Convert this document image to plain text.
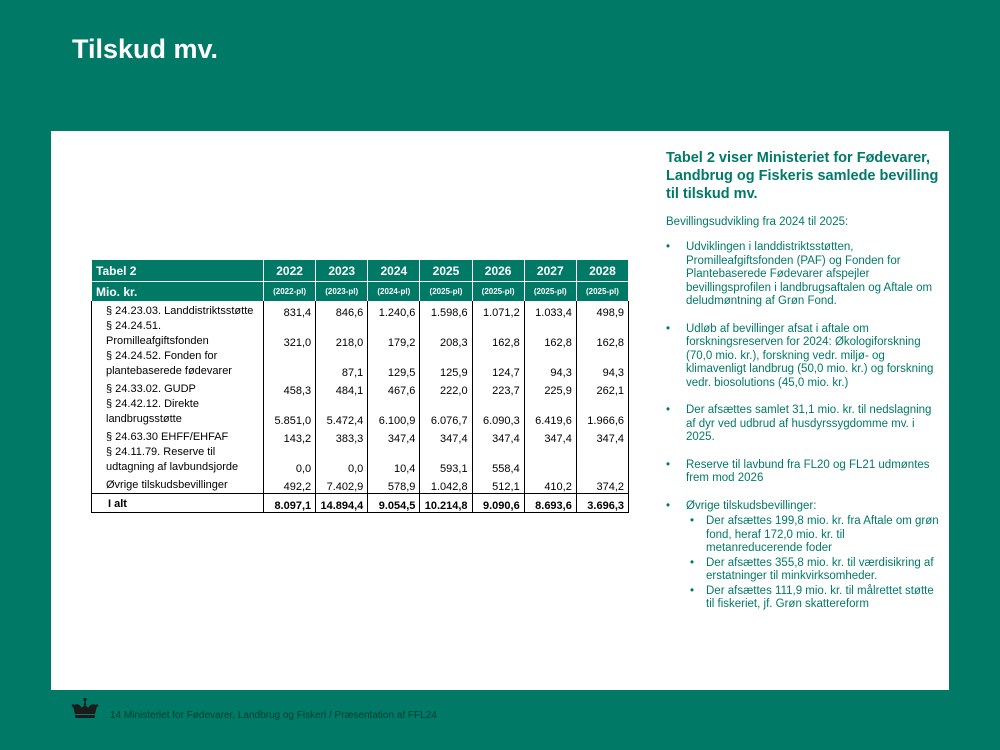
Tilskud mv.
Tabel 2	2022	2023	2024	2025	2026	2027	2028
Mio. kr.	(2022-pl)	(2023-pl)	(2024-pl)	(2025-pl)	(2025-pl)	(2025-pl)	(2025-pl)
§ 24.23.03. Landdistriktsstøtte	831,4	846,6	1.240,6	1.598,6	1.071,2	1.033,4	498,9
§ 24.24.51. Promilleafgiftsfonden	321,0	218,0	179,2	208,3	162,8	162,8	162,8
§ 24.24.52. Fonden for plantebaserede fødevarer		87,1	129,5	125,9	124,7	94,3	94,3
§ 24.33.02. GUDP	458,3	484,1	467,6	222,0	223,7	225,9	262,1
§ 24.42.12. Direkte landbrugsstøtte	5.851,0	5.472,4	6.100,9	6.076,7	6.090,3	6.419,6	1.966,6
§ 24.63.30 EHFF/EHFAF	143,2	383,3	347,4	347,4	347,4	347,4	347,4
§ 24.11.79. Reserve til udtagning af lavbundsjorde	0,0	0,0	10,4	593,1	558,4		
Øvrige tilskudsbevillinger	492,2	7.402,9	578,9	1.042,8	512,1	410,2	374,2
I alt	8.097,1	14.894,4	9.054,5	10.214,8	9.090,6	8.693,6	3.696,3

Tabel 2 viser Ministeriet for Fødevarer, Landbrug og Fiskeris samlede bevilling til tilskud mv.

Bevillingsudvikling fra 2024 til 2025:

• Udviklingen i landdistriktsstøtten, Promilleafgiftsfonden (PAF) og Fonden for Plantebaserede Fødevarer afspejler bevillingsprofilen i landbrugsaftalen og Aftale om deludmøntning af Grøn Fond.
• Udløb af bevillinger afsat i aftale om forskningsreserven for 2024: Økologiforskning (70,0 mio. kr.), forskning vedr. miljø- og klimavenligt landbrug (50,0 mio. kr.) og forskning vedr. biosolutions (45,0 mio. kr.)
• Der afsættes samlet 31,1 mio. kr. til nedslagning af dyr ved udbrud af husdyrssygdomme mv. i 2025.
• Reserve til lavbund fra FL20 og FL21 udmøntes frem mod 2026
• Øvrige tilskudsbevillinger:
• Der afsættes 199,8 mio. kr. fra Aftale om grøn fond, heraf 172,0 mio. kr. til metanreducerende foder
• Der afsættes 355,8 mio. kr. til værdisikring af erstatninger til minkvirksomheder.
• Der afsættes 111,9 mio. kr. til målrettet støtte til fiskeriet, jf. Grøn skattereform
14 Ministeriet for Fødevarer, Landbrug og Fiskeri / Præsentation af FFL24
